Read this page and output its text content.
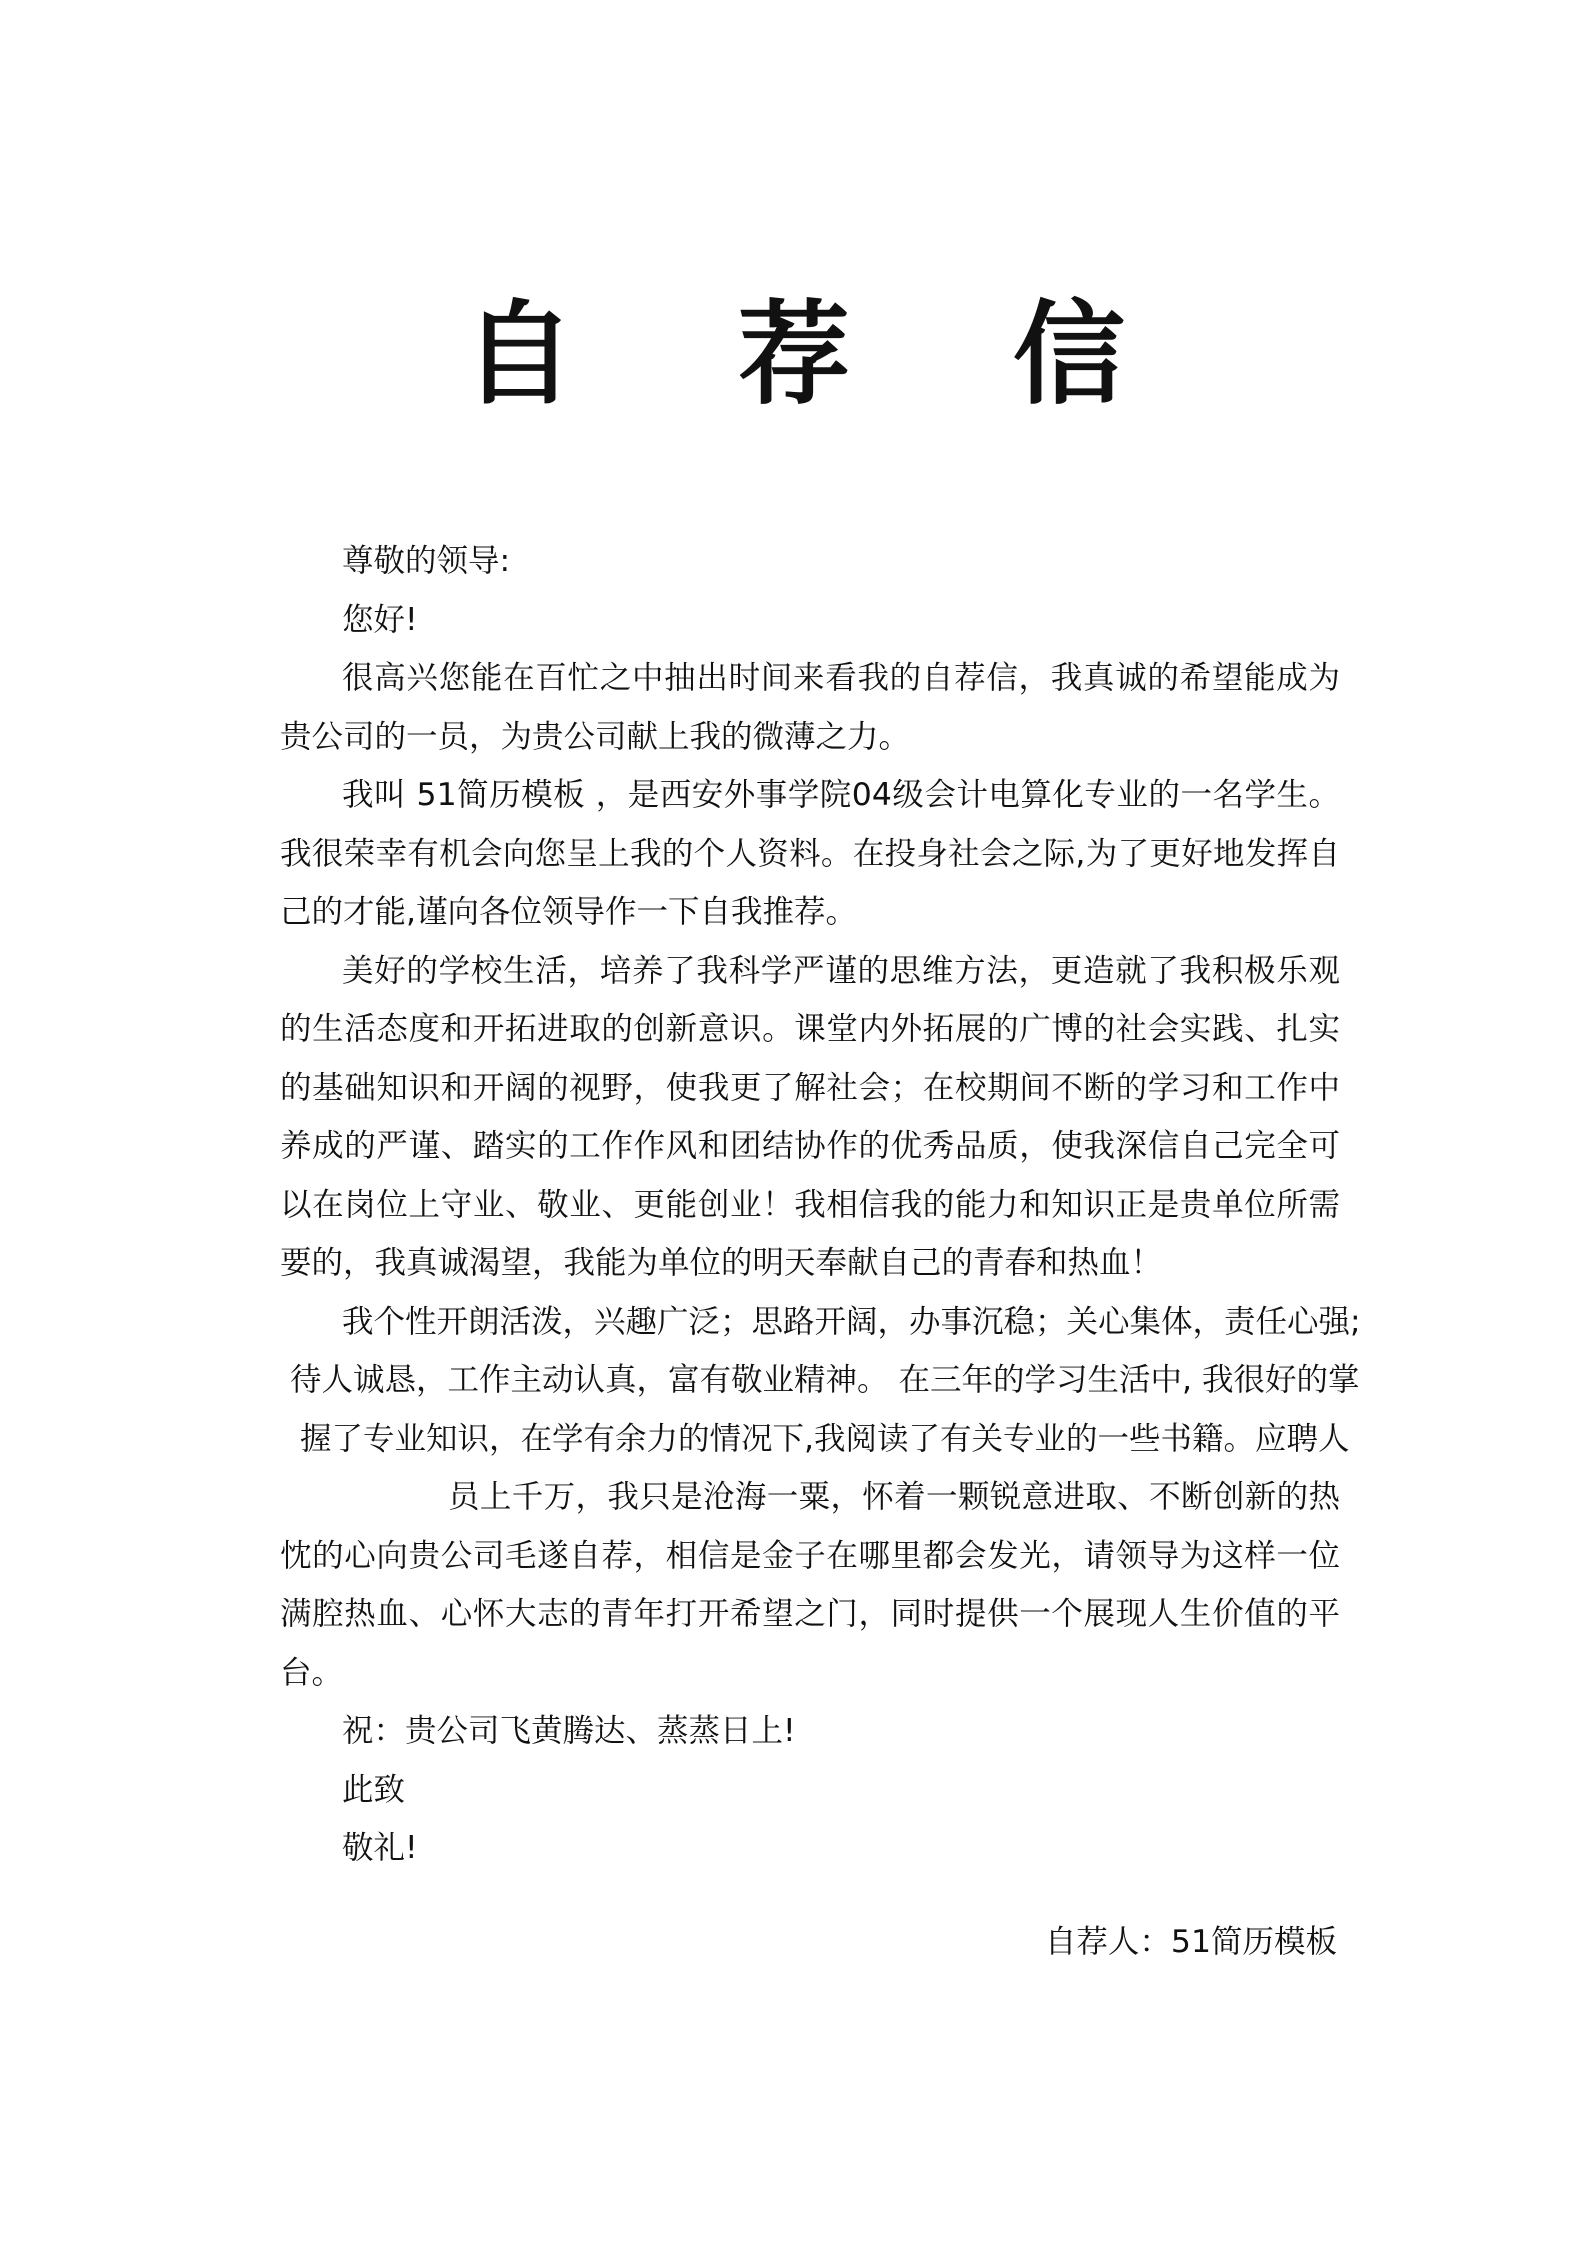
自 荐 信
尊敬的领导:
您好!
很高兴您能在百忙之中抽出时间来看我的自荐信，我真诚的希望能成为
贵公司的一员，为贵公司献上我的微薄之力。
我叫 51简历模板 ，是西安外事学院04级会计电算化专业的一名学生。
我很荣幸有机会向您呈上我的个人资料。在投身社会之际,为了更好地发挥自
己的才能,谨向各位领导作一下自我推荐。
美好的学校生活，培养了我科学严谨的思维方法，更造就了我积极乐观
的生活态度和开拓进取的创新意识。课堂内外拓展的广博的社会实践、扎实
的基础知识和开阔的视野，使我更了解社会；在校期间不断的学习和工作中
养成的严谨、踏实的工作作风和团结协作的优秀品质，使我深信自己完全可
以在岗位上守业、敬业、更能创业！我相信我的能力和知识正是贵单位所需
要的，我真诚渴望，我能为单位的明天奉献自己的青春和热血！
我个性开朗活泼，兴趣广泛；思路开阔，办事沉稳；关心集体，责任心强;
待人诚恳，工作主动认真，富有敬业精神。 在三年的学习生活中, 我很好的掌
握了专业知识，在学有余力的情况下,我阅读了有关专业的一些书籍。应聘人
员上千万，我只是沧海一粟，怀着一颗锐意进取、不断创新的热
忱的心向贵公司毛遂自荐，相信是金子在哪里都会发光，请领导为这样一位
满腔热血、心怀大志的青年打开希望之门，同时提供一个展现人生价值的平
台。
祝：贵公司飞黄腾达、蒸蒸日上!
此致
敬礼!
自荐人：51简历模板
